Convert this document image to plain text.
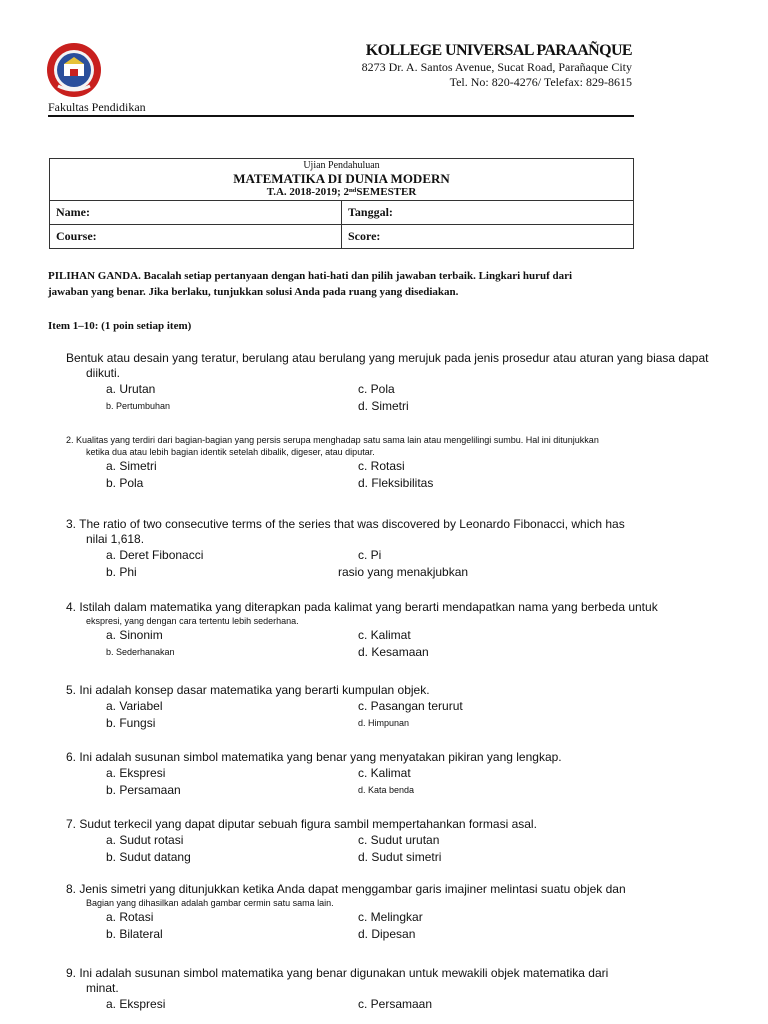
Fakultas Pendidikan
KOLLEGE UNIVERSAL PARAAÑQUE
8273 Dr. A. Santos Avenue, Sucat Road, Parañaque City
Tel. No: 820-4276/ Telefax: 829-8615
Ujian Pendahuluan
MATEMATIKA DI DUNIA MODERN
T.A. 2018-2019; 2ⁿᵈSEMESTER
Name:	Tanggal:
Course:	Score:
PILIHAN GANDA. Bacalah setiap pertanyaan dengan hati-hati dan pilih jawaban terbaik. Lingkari huruf dari jawaban yang benar. Jika berlaku, tunjukkan solusi Anda pada ruang yang disediakan.
Item 1–10: (1 poin setiap item)
Bentuk atau desain yang teratur, berulang atau berulang yang merujuk pada jenis prosedur atau aturan yang biasa dapat
diikuti.
a. Urutan	c. Pola
b. Pertumbuhan	d. Simetri
2. Kualitas yang terdiri dari bagian-bagian yang persis serupa menghadap satu sama lain atau mengelilingi sumbu. Hal ini ditunjukkan
ketika dua atau lebih bagian identik setelah dibalik, digeser, atau diputar.
a. Simetri	c. Rotasi
b. Pola	d. Fleksibilitas
3. The ratio of two consecutive terms of the series that was discovered by Leonardo Fibonacci, which has
nilai 1,618.
a. Deret Fibonacci	c. Pi
b. Phi	rasio yang menakjubkan
4. Istilah dalam matematika yang diterapkan pada kalimat yang berarti mendapatkan nama yang berbeda untuk
ekspresi, yang dengan cara tertentu lebih sederhana.
a. Sinonim	c. Kalimat
b. Sederhanakan	d. Kesamaan
5. Ini adalah konsep dasar matematika yang berarti kumpulan objek.
a. Variabel	c. Pasangan terurut
b. Fungsi	d. Himpunan
6. Ini adalah susunan simbol matematika yang benar yang menyatakan pikiran yang lengkap.
a. Ekspresi	c. Kalimat
b. Persamaan	d. Kata benda
7. Sudut terkecil yang dapat diputar sebuah figura sambil mempertahankan formasi asal.
a. Sudut rotasi	c. Sudut urutan
b. Sudut datang	d. Sudut simetri
8. Jenis simetri yang ditunjukkan ketika Anda dapat menggambar garis imajiner melintasi suatu objek dan
Bagian yang dihasilkan adalah gambar cermin satu sama lain.
a. Rotasi	c. Melingkar
b. Bilateral	d. Dipesan
9. Ini adalah susunan simbol matematika yang benar digunakan untuk mewakili objek matematika dari
minat.
a. Ekspresi	c. Persamaan
